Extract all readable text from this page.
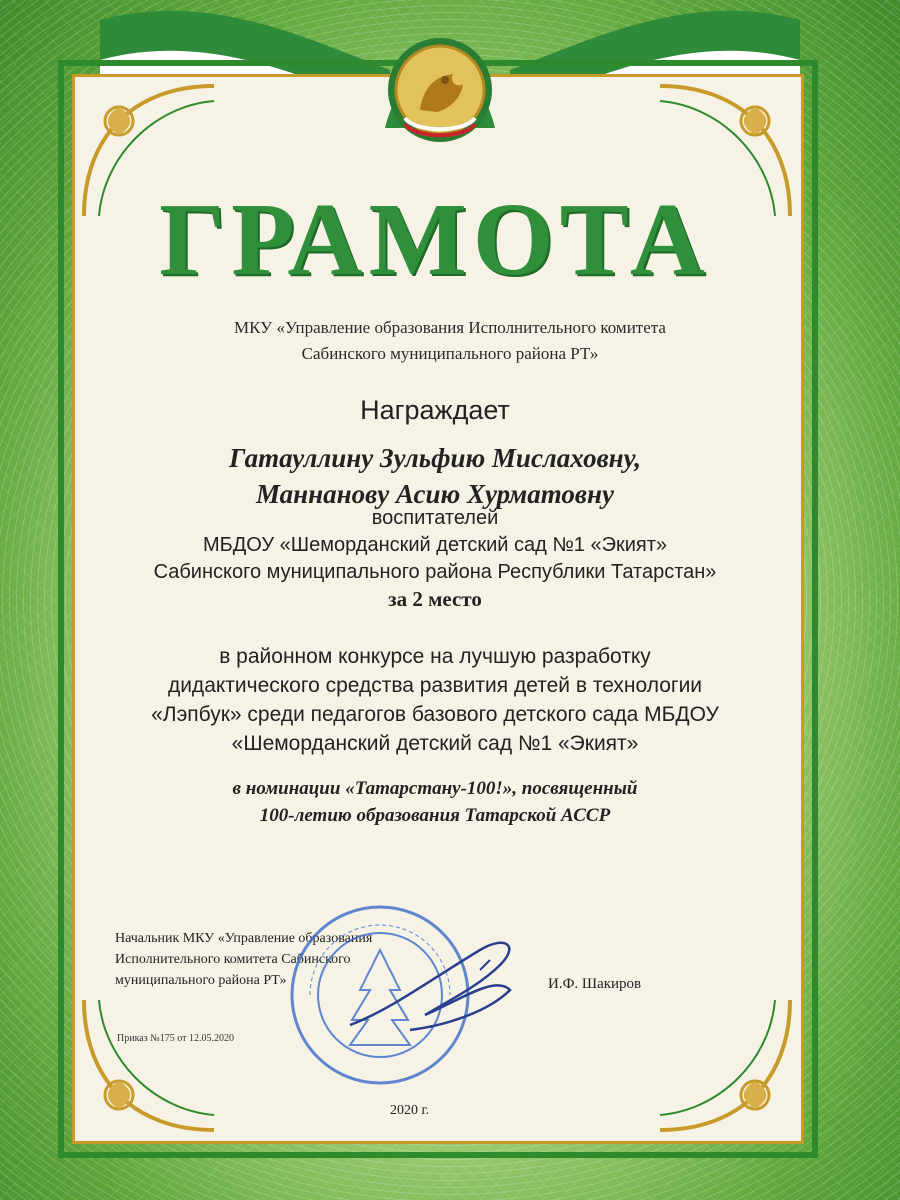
ГРАМОТА
МКУ «Управление образования Исполнительного комитета
Сабинского муниципального района РТ»
Награждает
Гатауллину Зульфию Мислаховну,
Маннанову Асию Хурматовну
воспитателей
МБДОУ «Шеморданский детский сад №1 «Экият»
Сабинского муниципального района Республики Татарстан»
за 2 место
в районном конкурсе на лучшую разработку
дидактического средства развития детей в технологии
«Лэпбук» среди педагогов базового детского сада МБДОУ
«Шеморданский детский сад №1 «Экият»
в номинации «Татарстану-100!», посвященный
100-летию образования Татарской АССР
Начальник МКУ «Управление образования
Исполнительного комитета Сабинского
муниципального района РТ»	И.Ф. Шакиров
Приказ №175 от 12.05.2020
2020 г.
